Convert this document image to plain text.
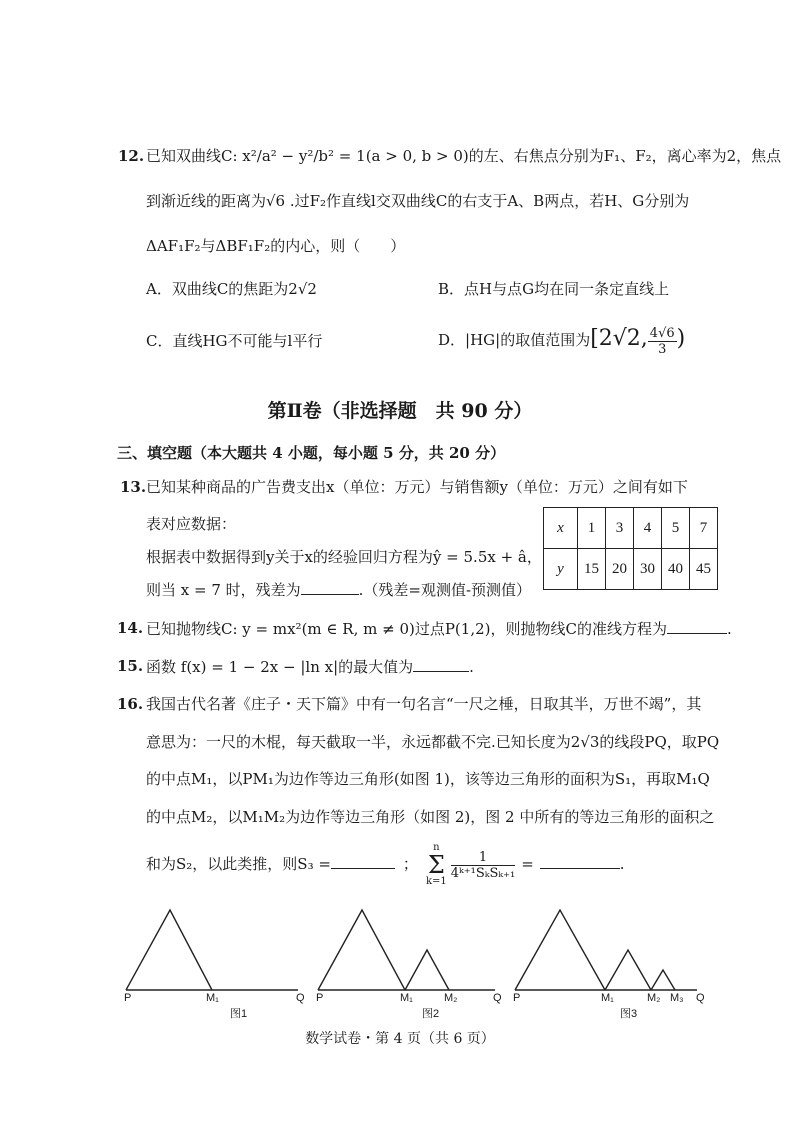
12. 已知双曲线C: x²/a² − y²/b² = 1(a > 0, b > 0)的左、右焦点分别为F₁、F₂，离心率为2，焦点
到渐近线的距离为√6 .过F₂作直线l交双曲线C的右支于A、B两点，若H、G分别为
ΔAF₁F₂与ΔBF₁F₂的内心，则（　　）
A．双曲线C的焦距为2√2	B．点H与点G均在同一条定直线上
C．直线HG不可能与l平行	D．|HG|的取值范围为[2√2, $\frac{4√6}{3}$ )
第Ⅱ卷（非选择题　共 90 分）
三、填空题（本大题共 4 小题，每小题 5 分，共 20 分）
13. 已知某种商品的广告费支出x（单位：万元）与销售额y（单位：万元）之间有如下
表对应数据：
根据表中数据得到y关于x的经验回归方程为ŷ = 5.5x + â，
则当 x = 7 时，残差为	.（残差=观测值-预测值）
x	1	3	4	5	7
y	15	20	30	40	45
14. 已知抛物线C: y = mx²(m ∈ R, m ≠ 0)过点P(1,2)，则抛物线C的准线方程为	.
15. 函数 f(x) = 1 − 2x − |ln x|的最大值为	.
16. 我国古代名著《庄子・天下篇》中有一句名言“一尺之棰，日取其半，万世不竭”，其
意思为：一尺的木棍，每天截取一半，永远都截不完.已知长度为2√3的线段PQ，取PQ
的中点M₁，以PM₁为边作等边三角形(如图 1)，该等边三角形的面积为S₁，再取M₁Q
的中点M₂，以M₁M₂为边作等边三角形（如图 2)，图 2 中所有的等边三角形的面积之
和为S₂，以此类推，则S₃ =	；
n
Σ
k=1
$\frac{1}{\text{4ᵏ⁺¹SₖSₖ₊₁}}$ =	.
P	M₁	Q
图1
P	M₁	M₂	Q
图2
P	M₁	M₂ M₃ Q
图3
数学试卷・第 4 页（共 6 页）
